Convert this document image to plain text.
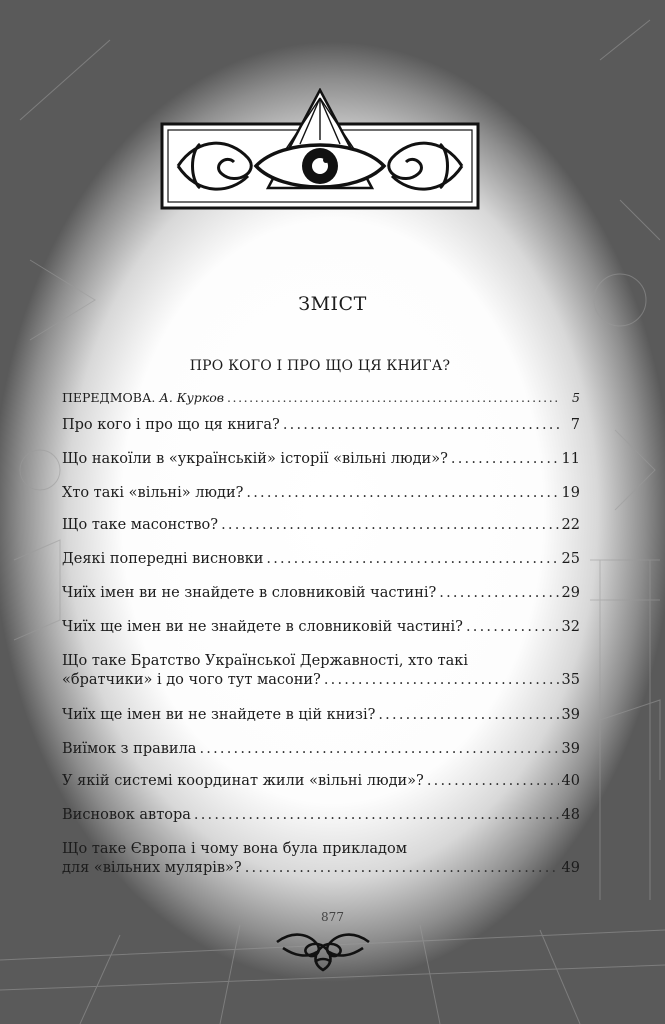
ЗМІСТ
ПРО КОГО І ПРО ЩО ЦЯ КНИГА?
ПЕРЕДМОВА. А. Курков . . .	5
Про кого і про що ця книга? . . .	7
Що накоїли в «українській» історії «вільні люди»? . . .	11
Хто такі «вільні» люди? . . .	19
Що таке масонство? . . .	22
Деякі попередні висновки . . .	25
Чиїх імен ви не знайдете в словниковій частині? . . .	29
Чиїх ще імен ви не знайдете в словниковій частині? . . .	32
Що таке Братство Української Державності, хто такі
«братчики» і до чого тут масони? . . .	35
Чиїх ще імен ви не знайдете в цій книзі? . . .	39
Виїмок з правила . . .	39
У якій системі координат жили «вільні люди»? . . .	40
Висновок автора . . .	48
Що таке Європа і чому вона була прикладом
для «вільних мулярів»? . . .	49
877
